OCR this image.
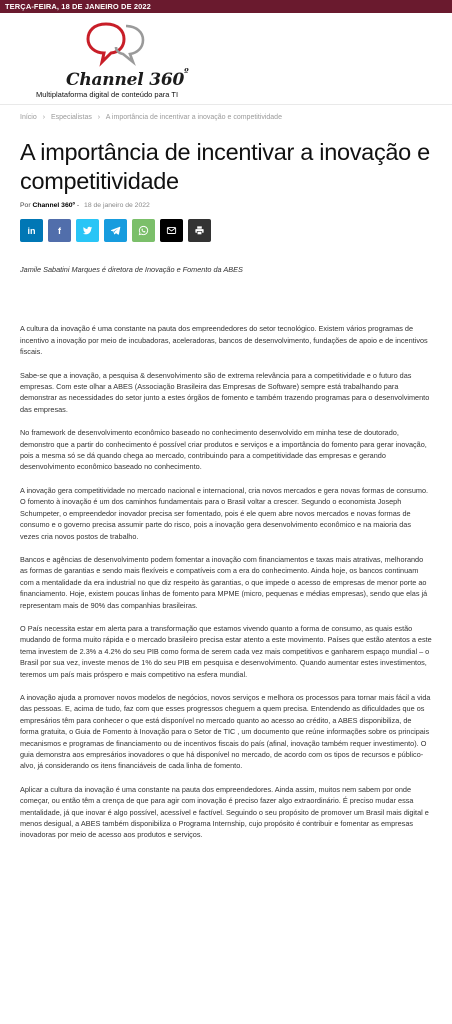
TERÇA-FEIRA, 18 DE JANEIRO DE 2022
Channel $360^º$
Multiplataforma digital de conteúdo para TI
Início › Especialistas › A importância de incentivar a inovação e competitividade
A importância de incentivar a inovação e competitividade
Por Channel 360º - 18 de janeiro de 2022
in	f

Jamile Sabatini Marques é diretora de Inovação e Fomento da ABES

A cultura da inovação é uma constante na pauta dos empreendedores do setor tecnológico. Existem vários programas de incentivo a inovação por meio de incubadoras, aceleradoras, bancos de desenvolvimento, fundações de apoio e de incentivos fiscais.

Sabe-se que a inovação, a pesquisa & desenvolvimento são de extrema relevância para a competitividade e o futuro das empresas. Com este olhar a ABES (Associação Brasileira das Empresas de Software) sempre está trabalhando para demonstrar as necessidades do setor junto a estes órgãos de fomento e também trazendo programas para o desenvolvimento das empresas.

No framework de desenvolvimento econômico baseado no conhecimento desenvolvido em minha tese de doutorado, demonstro que a partir do conhecimento é possível criar produtos e serviços e a importância do fomento para gerar inovação, pois a mesma só se dá quando chega ao mercado, contribuindo para a competitividade das empresas e gerando desenvolvimento econômico baseado no conhecimento.

A inovação gera competitividade no mercado nacional e internacional, cria novos mercados e gera novas formas de consumo. O fomento à inovação é um dos caminhos fundamentais para o Brasil voltar a crescer. Segundo o economista Joseph Schumpeter, o empreendedor inovador precisa ser fomentado, pois é ele quem abre novos mercados e novas formas de consumo e o governo precisa assumir parte do risco, pois a inovação gera desenvolvimento econômico e na maioria das vezes cria novos postos de trabalho.

Bancos e agências de desenvolvimento podem fomentar a inovação com financiamentos e taxas mais atrativas, melhorando as formas de garantias e sendo mais flexíveis e compatíveis com a era do conhecimento. Ainda hoje, os bancos continuam com a mentalidade da era industrial no que diz respeito às garantias, o que impede o acesso de empresas de menor porte ao financiamento. Hoje, existem poucas linhas de fomento para MPME (micro, pequenas e médias empresas), sendo que elas já representam mais de 90% das companhias brasileiras.

O País necessita estar em alerta para a transformação que estamos vivendo quanto a forma de consumo, as quais estão mudando de forma muito rápida e o mercado brasileiro precisa estar atento a este movimento. Países que estão atentos a este tema investem de 2.3% a 4.2% do seu PIB como forma de serem cada vez mais competitivos e ganharem espaço mundial – o Brasil por sua vez, investe menos de 1% do seu PIB em pesquisa e desenvolvimento. Quando aumentar estes investimentos, teremos um país mais próspero e mais competitivo na esfera mundial.

A inovação ajuda a promover novos modelos de negócios, novos serviços e melhora os processos para tornar mais fácil a vida das pessoas. E, acima de tudo, faz com que esses progressos cheguem a quem precisa. Entendendo as dificuldades que os empresários têm para conhecer o que está disponível no mercado quanto ao acesso ao crédito, a ABES disponibiliza, de forma gratuita, o Guia de Fomento à Inovação para o Setor de TIC , um documento que reúne informações sobre os principais mecanismos e programas de financiamento ou de incentivos fiscais do país (afinal, inovação também requer investimento). O guia demonstra aos empresários inovadores o que há disponível no mercado, de acordo com os tipos de recursos e público-alvo, já considerando os itens financiáveis de cada linha de fomento.

Aplicar a cultura da inovação é uma constante na pauta dos empreendedores. Ainda assim, muitos nem sabem por onde começar, ou então têm a crença de que para agir com inovação é preciso fazer algo extraordinário. É preciso mudar essa mentalidade, já que inovar é algo possível, acessível e factível. Seguindo o seu propósito de promover um Brasil mais digital e menos desigual, a ABES também disponibiliza o Programa Internship, cujo propósito é contribuir e fomentar as empresas inovadoras por meio de acesso aos produtos e serviços.
